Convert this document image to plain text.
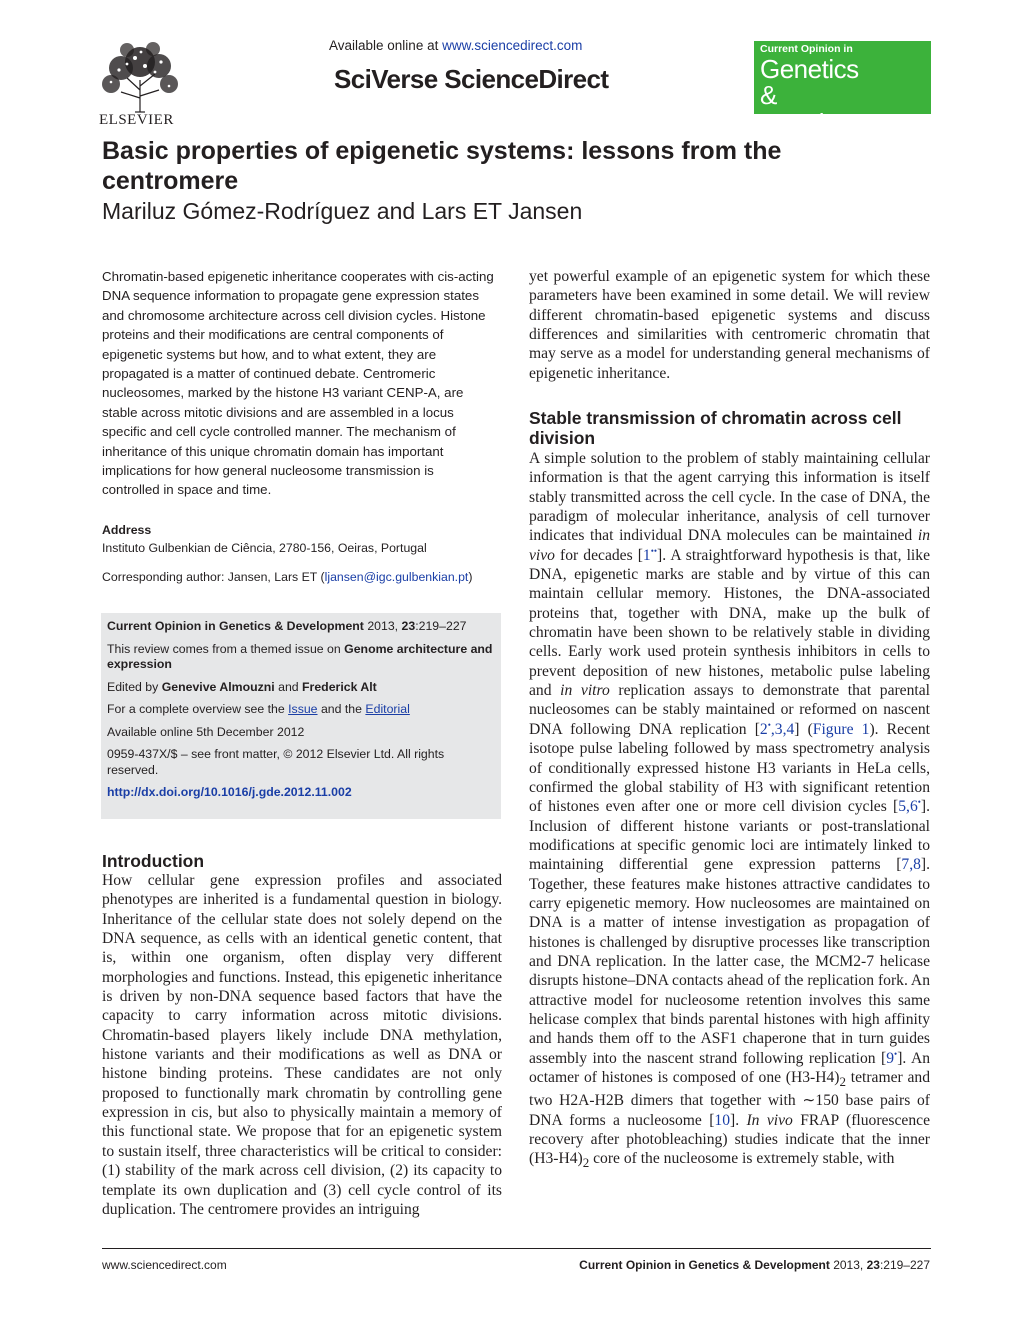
ELSEVIER
Available online at www.sciencedirect.com
SciVerse ScienceDirect
Current Opinion in
Genetics
& Development
Basic properties of epigenetic systems: lessons from the centromere
Mariluz Gómez-Rodríguez and Lars ET Jansen
Chromatin-based epigenetic inheritance cooperates with cis-acting DNA sequence information to propagate gene expression states and chromosome architecture across cell division cycles. Histone proteins and their modifications are central components of epigenetic systems but how, and to what extent, they are propagated is a matter of continued debate. Centromeric nucleosomes, marked by the histone H3 variant CENP-A, are stable across mitotic divisions and are assembled in a locus specific and cell cycle controlled manner. The mechanism of inheritance of this unique chromatin domain has important implications for how general nucleosome transmission is controlled in space and time.
Address
Instituto Gulbenkian de Ciência, 2780-156, Oeiras, Portugal
Corresponding author: Jansen, Lars ET (ljansen@igc.gulbenkian.pt)
Current Opinion in Genetics & Development 2013, 23:219–227
This review comes from a themed issue on Genome architecture and expression
Edited by Genevive Almouzni and Frederick Alt
For a complete overview see the Issue and the Editorial
Available online 5th December 2012
0959-437X/$ – see front matter, © 2012 Elsevier Ltd. All rights reserved.
http://dx.doi.org/10.1016/j.gde.2012.11.002
Introduction

How cellular gene expression profiles and associated phenotypes are inherited is a fundamental question in biology. Inheritance of the cellular state does not solely depend on the DNA sequence, as cells with an identical genetic content, that is, within one organism, often display very different morphologies and functions. Instead, this epigenetic inheritance is driven by non-DNA sequence based factors that have the capacity to carry information across mitotic divisions. Chromatin-based players likely include DNA methylation, histone variants and their modifications as well as DNA or histone binding proteins. These candidates are not only proposed to functionally mark chromatin by controlling gene expression in cis, but also to physically maintain a memory of this functional state. We propose that for an epigenetic system to sustain itself, three characteristics will be critical to consider: (1) stability of the mark across cell division, (2) its capacity to template its own duplication and (3) cell cycle control of its duplication. The centromere provides an intriguing

yet powerful example of an epigenetic system for which these parameters have been examined in some detail. We will review different chromatin-based epigenetic systems and discuss differences and similarities with centromeric chromatin that may serve as a model for understanding general mechanisms of epigenetic inheritance.

Stable transmission of chromatin across cell division

A simple solution to the problem of stably maintaining cellular information is that the agent carrying this information is itself stably transmitted across the cell cycle. In the case of DNA, the paradigm of molecular inheritance, analysis of cell turnover indicates that individual DNA molecules can be maintained in vivo for decades [1••]. A straightforward hypothesis is that, like DNA, epigenetic marks are stable and by virtue of this can maintain cellular memory. Histones, the DNA-associated proteins that, together with DNA, make up the bulk of chromatin have been shown to be relatively stable in dividing cells. Early work used protein synthesis inhibitors in cells to prevent deposition of new histones, metabolic pulse labeling and in vitro replication assays to demonstrate that parental nucleosomes can be stably maintained or reformed on nascent DNA following DNA replication [2•,3,4] (Figure 1). Recent isotope pulse labeling followed by mass spectrometry analysis of conditionally expressed histone H3 variants in HeLa cells, confirmed the global stability of H3 with significant retention of histones even after one or more cell division cycles [5,6•]. Inclusion of different histone variants or post-translational modifications at specific genomic loci are intimately linked to maintaining differential gene expression patterns [7,8]. Together, these features make histones attractive candidates to carry epigenetic memory. How nucleosomes are maintained on DNA is a matter of intense investigation as propagation of histones is challenged by disruptive processes like transcription and DNA replication. In the latter case, the MCM2-7 helicase disrupts histone–DNA contacts ahead of the replication fork. An attractive model for nucleosome retention involves this same helicase complex that binds parental histones with high affinity and hands them off to the ASF1 chaperone that in turn guides assembly into the nascent strand following replication [9•]. An octamer of histones is composed of one $(H3-H4)_2$ tetramer and two H2A-H2B dimers that together with ∼150 base pairs of DNA forms a nucleosome [10]. In vivo FRAP (fluorescence recovery after photobleaching) studies indicate that the inner $(H3-H4)_2$ core of the nucleosome is extremely stable, with

www.sciencedirect.com	Current Opinion in Genetics & Development 2013, 23:219–227
